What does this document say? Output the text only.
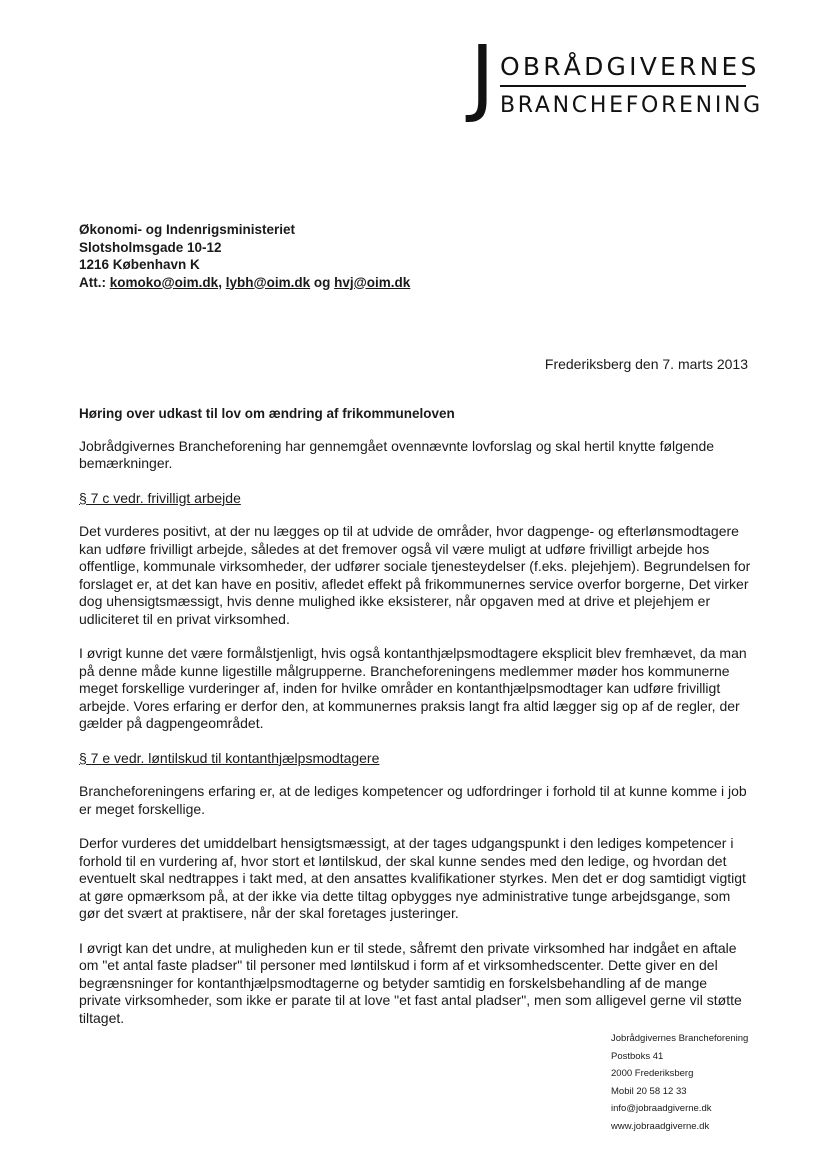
J OBRÅDGIVERNES
BRANCHEFORENING
Økonomi- og Indenrigsministeriet
Slotsholmsgade 10-12
1216 København K
Att.: komoko@oim.dk, lybh@oim.dk og hvj@oim.dk
Frederiksberg den 7. marts 2013
Høring over udkast til lov om ændring af frikommuneloven

Jobrådgivernes Brancheforening har gennemgået ovennævnte lovforslag og skal hertil knytte følgende bemærkninger.

§ 7 c vedr. frivilligt arbejde

Det vurderes positivt, at der nu lægges op til at udvide de områder, hvor dagpenge- og efterlønsmodtagere kan udføre frivilligt arbejde, således at det fremover også vil være muligt at udføre frivilligt arbejde hos offentlige, kommunale virksomheder, der udfører sociale tjenesteydelser (f.eks. plejehjem). Begrundelsen for forslaget er, at det kan have en positiv, afledet effekt på frikommunernes service overfor borgerne, Det virker dog uhensigtsmæssigt, hvis denne mulighed ikke eksisterer, når opgaven med at drive et plejehjem er udliciteret til en privat virksomhed.

I øvrigt kunne det være formålstjenligt, hvis også kontanthjælpsmodtagere eksplicit blev fremhævet, da man på denne måde kunne ligestille målgrupperne. Brancheforeningens medlemmer møder hos kommunerne meget forskellige vurderinger af, inden for hvilke områder en kontanthjælpsmodtager kan udføre frivilligt arbejde. Vores erfaring er derfor den, at kommunernes praksis langt fra altid lægger sig op af de regler, der gælder på dagpengeområdet.

§ 7 e vedr. løntilskud til kontanthjælpsmodtagere

Brancheforeningens erfaring er, at de lediges kompetencer og udfordringer i forhold til at kunne komme i job er meget forskellige.

Derfor vurderes det umiddelbart hensigtsmæssigt, at der tages udgangspunkt i den lediges kompetencer i forhold til en vurdering af, hvor stort et løntilskud, der skal kunne sendes med den ledige, og hvordan det eventuelt skal nedtrappes i takt med, at den ansattes kvalifikationer styrkes. Men det er dog samtidigt vigtigt at gøre opmærksom på, at der ikke via dette tiltag opbygges nye administrative tunge arbejdsgange, som gør det svært at praktisere, når der skal foretages justeringer.

I øvrigt kan det undre, at muligheden kun er til stede, såfremt den private virksomhed har indgået en aftale om "et antal faste pladser" til personer med løntilskud i form af et virksomhedscenter. Dette giver en del begrænsninger for kontanthjælpsmodtagerne og betyder samtidig en forskelsbehandling af de mange private virksomheder, som ikke er parate til at love "et fast antal pladser", men som alligevel gerne vil støtte tiltaget.

Jobrådgivernes Brancheforening
Postboks 41
2000 Frederiksberg
Mobil 20 58 12 33
info@jobraadgiverne.dk
www.jobraadgiverne.dk
